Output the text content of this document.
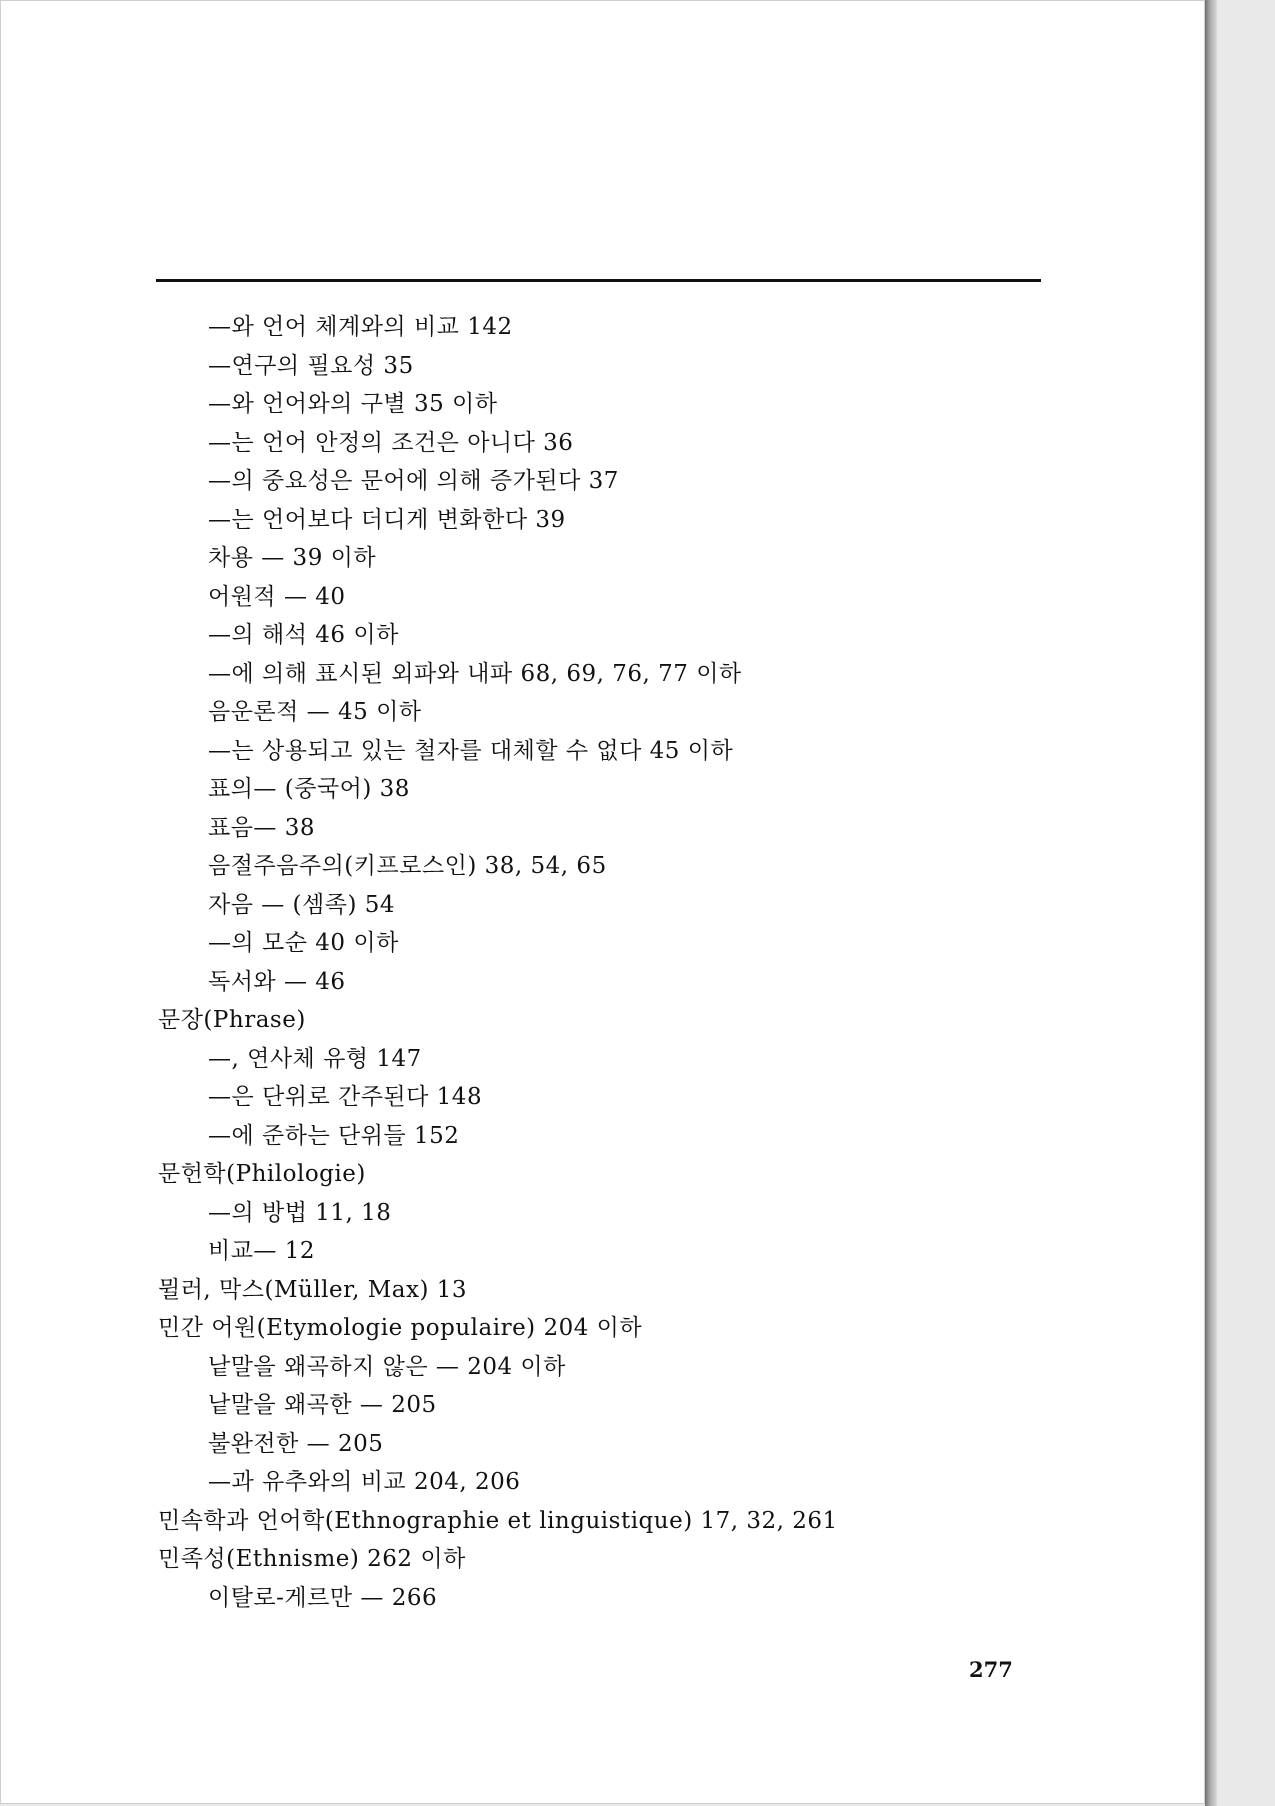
—와 언어 체계와의 비교 142
—연구의 필요성 35
—와 언어와의 구별 35 이하
—는 언어 안정의 조건은 아니다 36
—의 중요성은 문어에 의해 증가된다 37
—는 언어보다 더디게 변화한다 39
차용 — 39 이하
어원적 — 40
—의 해석 46 이하
—에 의해 표시된 외파와 내파 68, 69, 76, 77 이하
음운론적 — 45 이하
—는 상용되고 있는 철자를 대체할 수 없다 45 이하
표의— (중국어) 38
표음— 38
음절주음주의(키프로스인) 38, 54, 65
자음 — (셈족) 54
—의 모순 40 이하
독서와 — 46
문장(Phrase)
—, 연사체 유형 147
—은 단위로 간주된다 148
—에 준하는 단위들 152
문헌학(Philologie)
—의 방법 11, 18
비교— 12
뮐러, 막스(Müller, Max) 13
민간 어원(Etymologie populaire) 204 이하
낱말을 왜곡하지 않은 — 204 이하
낱말을 왜곡한 — 205
불완전한 — 205
—과 유추와의 비교 204, 206
민속학과 언어학(Ethnographie et linguistique) 17, 32, 261
민족성(Ethnisme) 262 이하
이탈로-게르만 — 266
277
